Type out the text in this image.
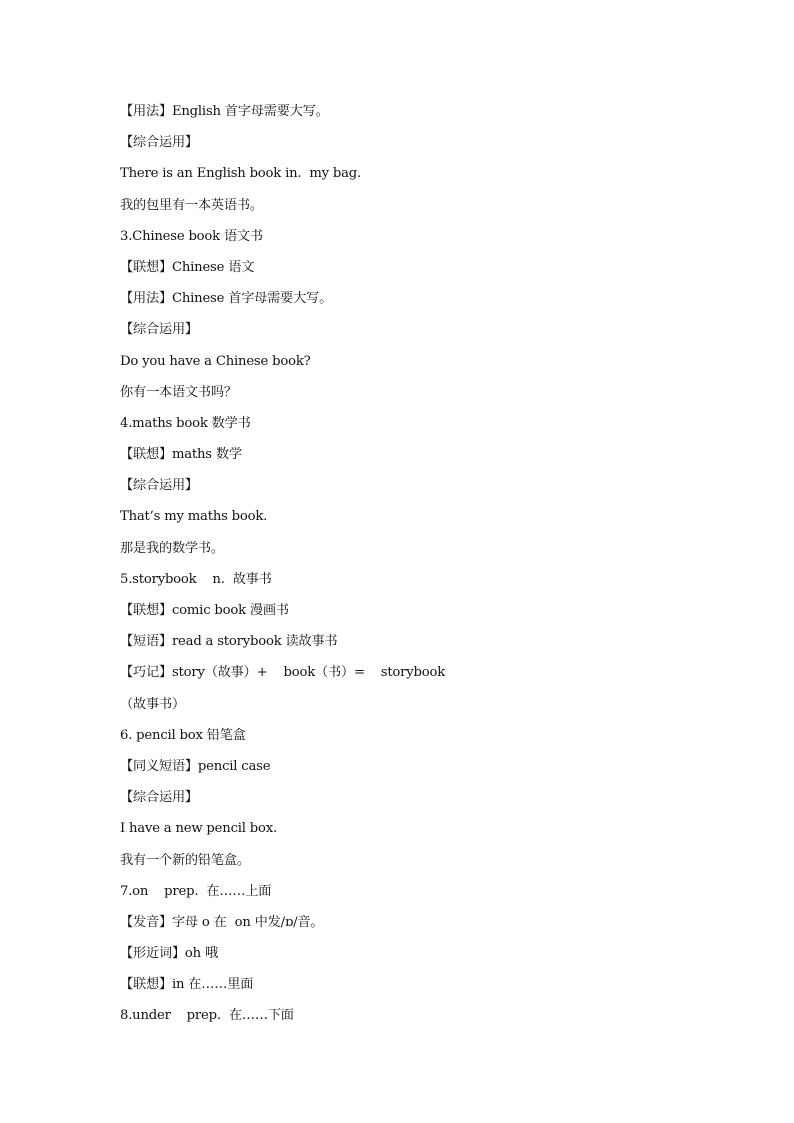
【用法】English 首字母需要大写。
【综合运用】
There is an English book in.  my bag.
我的包里有一本英语书。
3.Chinese book 语文书
【联想】Chinese 语文
【用法】Chinese 首字母需要大写。
【综合运用】
Do you have a Chinese book?
你有一本语文书吗？
4.maths book 数学书
【联想】maths 数学
【综合运用】
That’s my maths book.
那是我的数学书。
5.storybook    n.  故事书
【联想】comic book 漫画书
【短语】read a storybook 读故事书
【巧记】story（故事）+    book（书）=    storybook
（故事书）
6. pencil box 铅笔盒
【同义短语】pencil case
【综合运用】
I have a new pencil box.
我有一个新的铅笔盒。
7.on    prep.  在……上面
【发音】字母 o 在  on 中发/ɒ/音。
【形近词】oh 哦
【联想】in 在……里面
8.under    prep.  在……下面
